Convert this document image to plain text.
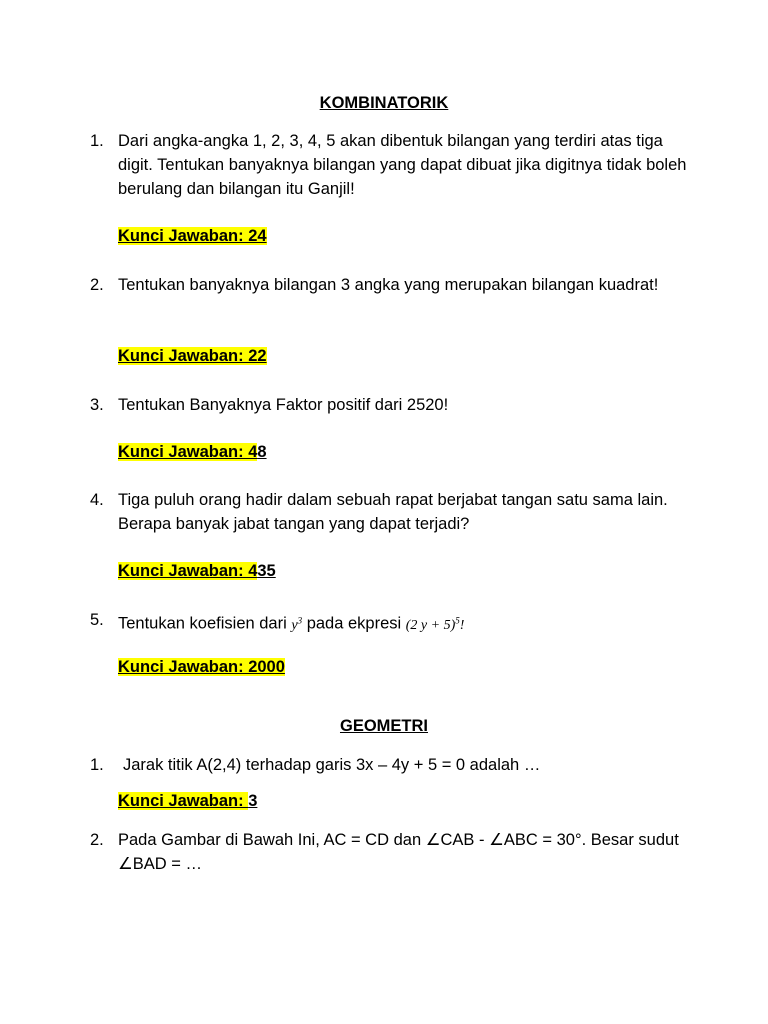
KOMBINATORIK
1. Dari angka-angka 1, 2, 3, 4, 5 akan dibentuk bilangan yang terdiri atas tiga digit. Tentukan banyaknya bilangan yang dapat dibuat jika digitnya tidak boleh berulang dan bilangan itu Ganjil!
Kunci Jawaban: 24
2. Tentukan banyaknya bilangan 3 angka yang merupakan bilangan kuadrat!
Kunci Jawaban: 22
3. Tentukan Banyaknya Faktor positif dari 2520!
Kunci Jawaban: 48
4. Tiga puluh orang hadir dalam sebuah rapat berjabat tangan satu sama lain. Berapa banyak jabat tangan yang dapat terjadi?
Kunci Jawaban: 435
5. Tentukan koefisien dari $y^3$ pada ekpresi (2 y + 5)$^5$!
Kunci Jawaban: 2000
GEOMETRI
1. Jarak titik A(2,4) terhadap garis 3x – 4y + 5 = 0 adalah …
Kunci Jawaban: 3
2. Pada Gambar di Bawah Ini, AC = CD dan ∠CAB - ∠ABC = 30°. Besar sudut ∠BAD = …
